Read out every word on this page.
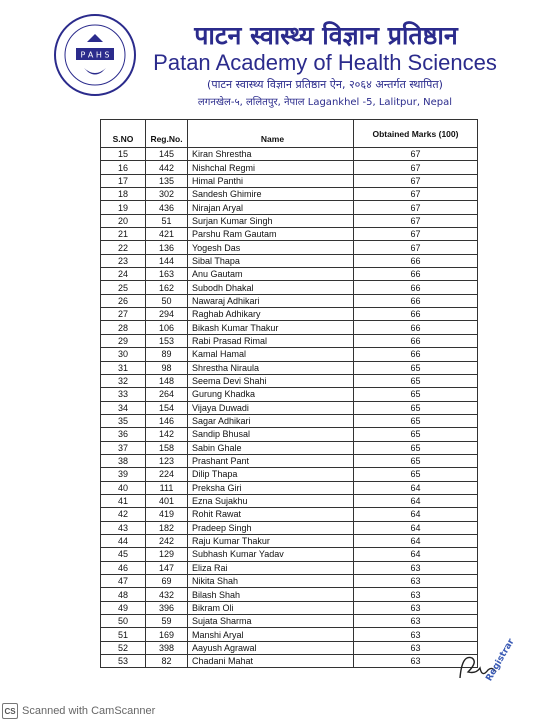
P A H S
पाटन स्वास्थ्य विज्ञान प्रतिष्ठान
Patan Academy of Health Sciences
(पाटन स्वास्थ्य विज्ञान प्रतिष्ठान ऐन, २०६४ अन्तर्गत स्थापित)
लगनखेल-५, ललितपुर, नेपाल Lagankhel -5, Lalitpur, Nepal
S.NO	Reg.No.	Name	Obtained Marks (100)
15	145	Kiran Shrestha	67
16	442	Nishchal Regmi	67
17	135	Himal Panthi	67
18	302	Sandesh Ghimire	67
19	436	Nirajan Aryal	67
20	51	Surjan Kumar Singh	67
21	421	Parshu Ram Gautam	67
22	136	Yogesh Das	67
23	144	Sibal Thapa	66
24	163	Anu Gautam	66
25	162	Subodh Dhakal	66
26	50	Nawaraj Adhikari	66
27	294	Raghab Adhikary	66
28	106	Bikash Kumar Thakur	66
29	153	Rabi Prasad Rimal	66
30	89	Kamal Hamal	66
31	98	Shrestha Niraula	65
32	148	Seema Devi Shahi	65
33	264	Gurung Khadka	65
34	154	Vijaya Duwadi	65
35	146	Sagar Adhikari	65
36	142	Sandip Bhusal	65
37	158	Sabin Ghale	65
38	123	Prashant Pant	65
39	224	Dilip Thapa	65
40	111	Preksha Giri	64
41	401	Ezna Sujakhu	64
42	419	Rohit Rawat	64
43	182	Pradeep Singh	64
44	242	Raju Kumar Thakur	64
45	129	Subhash Kumar Yadav	64
46	147	Eliza Rai	63
47	69	Nikita Shah	63
48	432	Bilash Shah	63
49	396	Bikram Oli	63
50	59	Sujata Sharma	63
51	169	Manshi Aryal	63
52	398	Aayush Agrawal	63
53	82	Chadani Mahat	63	Registrar
CS Scanned with CamScanner
